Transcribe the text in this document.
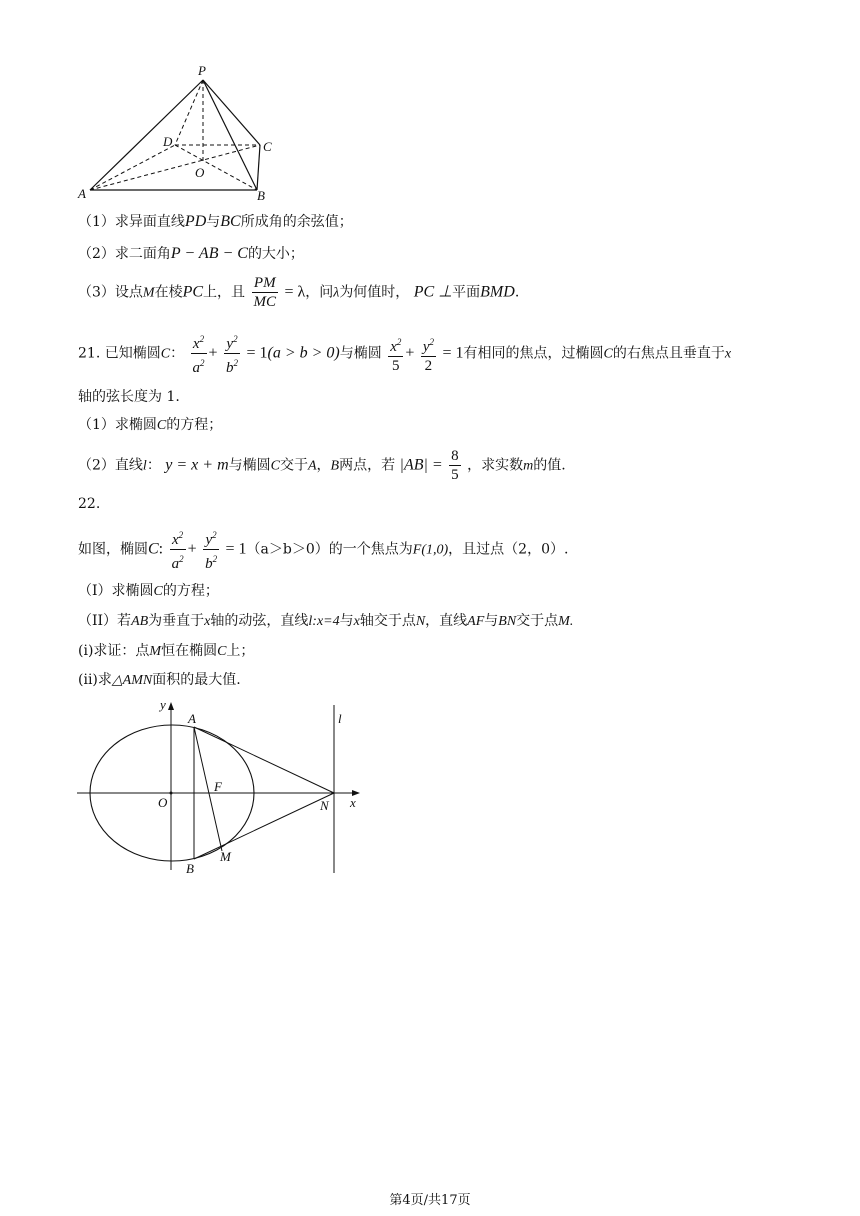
P
D	C
O
A	B
（1）求异面直线PD与BC所成角的余弦值；
（2）求二面角P − AB − C的大小；
（3）设点M在棱PC上，且 $\frac{PM}{MC} = \lambda$，问λ为何值时， PC ⊥平面BMD.
21. 已知椭圆C： $\frac{x^2}{a^2} + \frac{y^2}{b^2} = 1(a > b > 0)$与椭圆 $\frac{x^2}{5} + \frac{y^2}{2} = 1$有相同的焦点，过椭圆C的右焦点且垂直于x
轴的弦长度为 1.
（1）求椭圆C的方程；
（2）直线l： y = x + m与椭圆C交于A，B两点，若 $|AB| = \frac{8}{5}$ ，求实数m的值.
22.
如图，椭圆C: $\frac{x^2}{a^2} + \frac{y^2}{b^2} = 1(a>b>0)$的一个焦点为F(1,0)，且过点（2，0）.
（I）求椭圆C的方程；
（II）若AB为垂直于x轴的动弦，直线l:x=4与x轴交于点N，直线AF与BN交于点M.
(i)求证：点M恒在椭圆C上；
(ii)求△AMN面积的最大值.
y
A	l
F
O	N x
B
M
第4页/共17页
